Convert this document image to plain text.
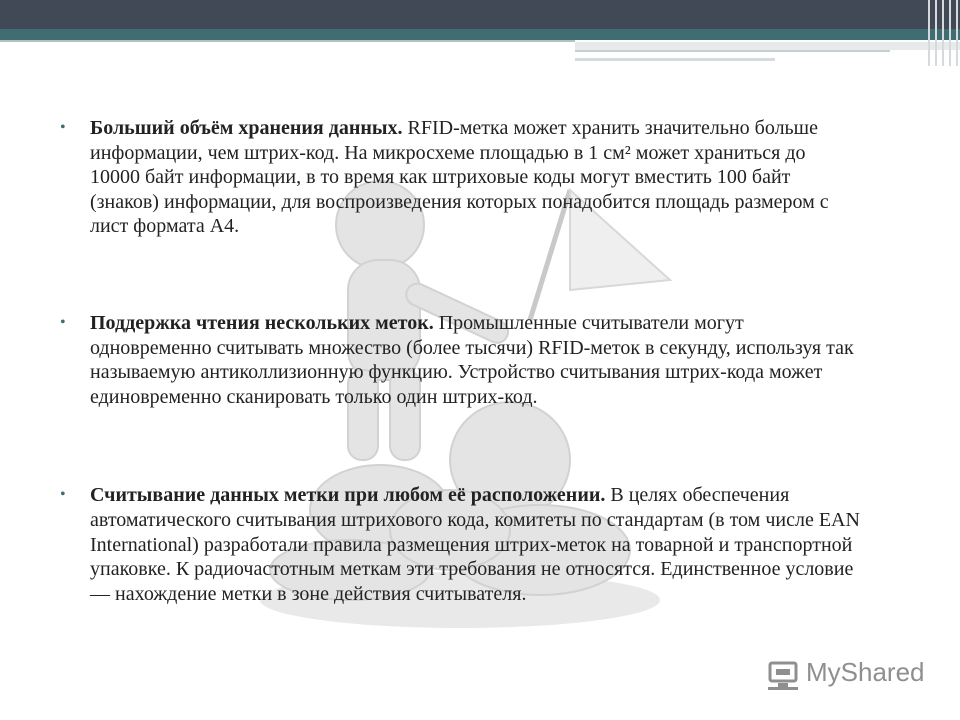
• Больший объём хранения данных. RFID-метка может хранить значительно больше информации, чем штрих-код. На микросхеме площадью в 1 см² может храниться до 10000 байт информации, в то время как штриховые коды могут вместить 100 байт (знаков) информации, для воспроизведения которых понадобится площадь размером с лист формата А4.
• Поддержка чтения нескольких меток. Промышленные считыватели могут одновременно считывать множество (более тысячи) RFID-меток в секунду, используя так называемую антиколлизионную функцию. Устройство считывания штрих-кода может единовременно сканировать только один штрих-код.
• Считывание данных метки при любом её расположении. В целях обеспечения автоматического считывания штрихового кода, комитеты по стандартам (в том числе EAN International) разработали правила размещения штрих-меток на товарной и транспортной упаковке. К радиочастотным меткам эти требования не относятся. Единственное условие — нахождение метки в зоне действия считывателя.
MyShared
